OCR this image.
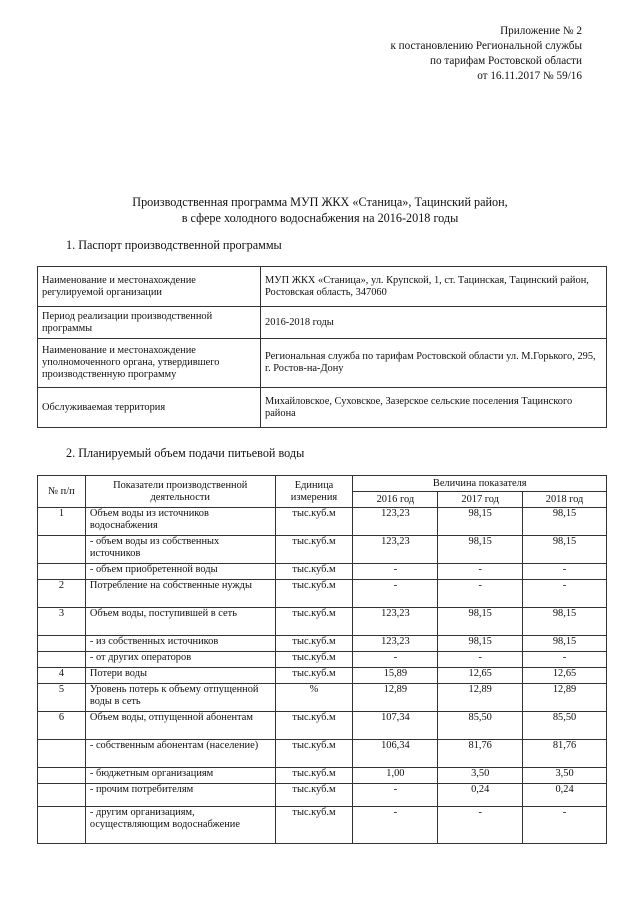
Приложение № 2
к постановлению Региональной службы
по тарифам Ростовской области
от 16.11.2017 № 59/16
Производственная программа МУП ЖКХ «Станица», Тацинский район,
в сфере холодного водоснабжения на 2016-2018 годы
1. Паспорт производственной программы
Наименование и местонахождение регулируемой организации	МУП ЖКХ «Станица», ул. Крупской, 1, ст. Тацинская, Тацинский район, Ростовская область, 347060
Период реализации производственной программы	2016-2018 годы
Наименование и местонахождение уполномоченного органа, утвердившего производственную программу	Региональная служба по тарифам Ростовской области ул. М.Горького, 295, г. Ростов-на-Дону
Обслуживаемая территория	Михайловское, Суховское, Зазерское сельские поселения Тацинского района
2. Планируемый объем подачи питьевой воды
№ п/п	Показатели производственной деятельности	Единица измерения	Величина показателя		
			2016 год	2017 год	2018 год
1	Объем воды из источников водоснабжения	тыс.куб.м	123,23	98,15	98,15
	- объем воды из собственных источников	тыс.куб.м	123,23	98,15	98,15
	- объем приобретенной воды	тыс.куб.м	-	-	-
2	Потребление на собственные нужды	тыс.куб.м	-	-	-
3	Объем воды, поступившей в сеть	тыс.куб.м	123,23	98,15	98,15
	- из собственных источников	тыс.куб.м	123,23	98,15	98,15
	- от других операторов	тыс.куб.м	-	-	-
4	Потери воды	тыс.куб.м	15,89	12,65	12,65
5	Уровень потерь к объему отпущенной воды в сеть	%	12,89	12,89	12,89
6	Объем воды, отпущенной абонентам	тыс.куб.м	107,34	85,50	85,50
	- собственным абонентам (население)	тыс.куб.м	106,34	81,76	81,76
	- бюджетным организациям	тыс.куб.м	1,00	3,50	3,50
	- прочим потребителям	тыс.куб.м	-	0,24	0,24
	- другим организациям, осуществляющим водоснабжение	тыс.куб.м	-	-	-
